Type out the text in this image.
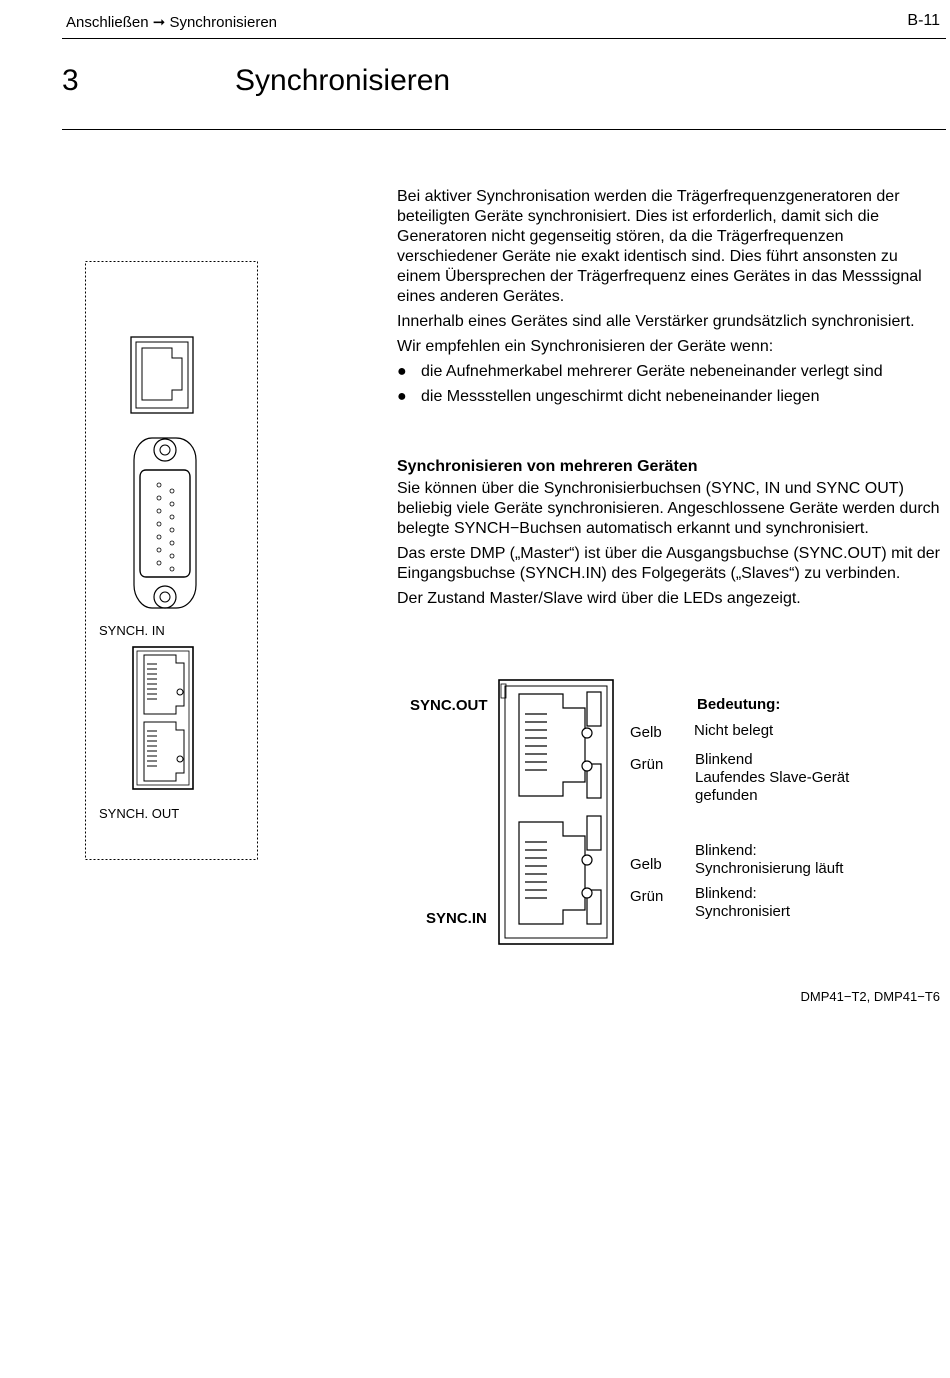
Anschließen ➞ Synchronisieren	B-11
3	Synchronisieren

Bei aktiver Synchronisation werden die Trägerfrequenzgeneratoren der beteiligten Geräte synchronisiert. Dies ist erforderlich, damit sich die Generatoren nicht gegenseitig stören, da die Trägerfrequenzen verschiedener Geräte nie exakt identisch sind. Dies führt ansonsten zu einem Übersprechen der Trägerfrequenz eines Gerätes in das Messsignal eines anderen Gerätes.

Innerhalb eines Gerätes sind alle Verstärker grundsätzlich synchronisiert.

Wir empfehlen ein Synchronisieren der Geräte wenn:

● die Aufnehmerkabel mehrerer Geräte nebeneinander verlegt sind
● die Messstellen ungeschirmt dicht nebeneinander liegen

Synchronisieren von mehreren Geräten

Sie können über die Synchronisierbuchsen (SYNC, IN und SYNC OUT) beliebig viele Geräte synchronisieren. Angeschlossene Geräte werden durch belegte SYNCH−Buchsen automatisch erkannt und synchronisiert.

Das erste DMP („Master“) ist über die Ausgangsbuchse (SYNC.OUT) mit der Eingangsbuchse (SYNCH.IN) des Folgegeräts („Slaves“) zu verbinden.

Der Zustand Master/Slave wird über die LEDs angezeigt.

SYNCH. IN
SYNCH. OUT
SYNC.OUT
SYNC.IN
Bedeutung:
Gelb
Grün
Gelb
Grün
Nicht belegt
Blinkend
Laufendes Slave-Gerät
gefunden
Blinkend:
Synchronisierung läuft
Blinkend:
Synchronisiert
DMP41−T2, DMP41−T6
